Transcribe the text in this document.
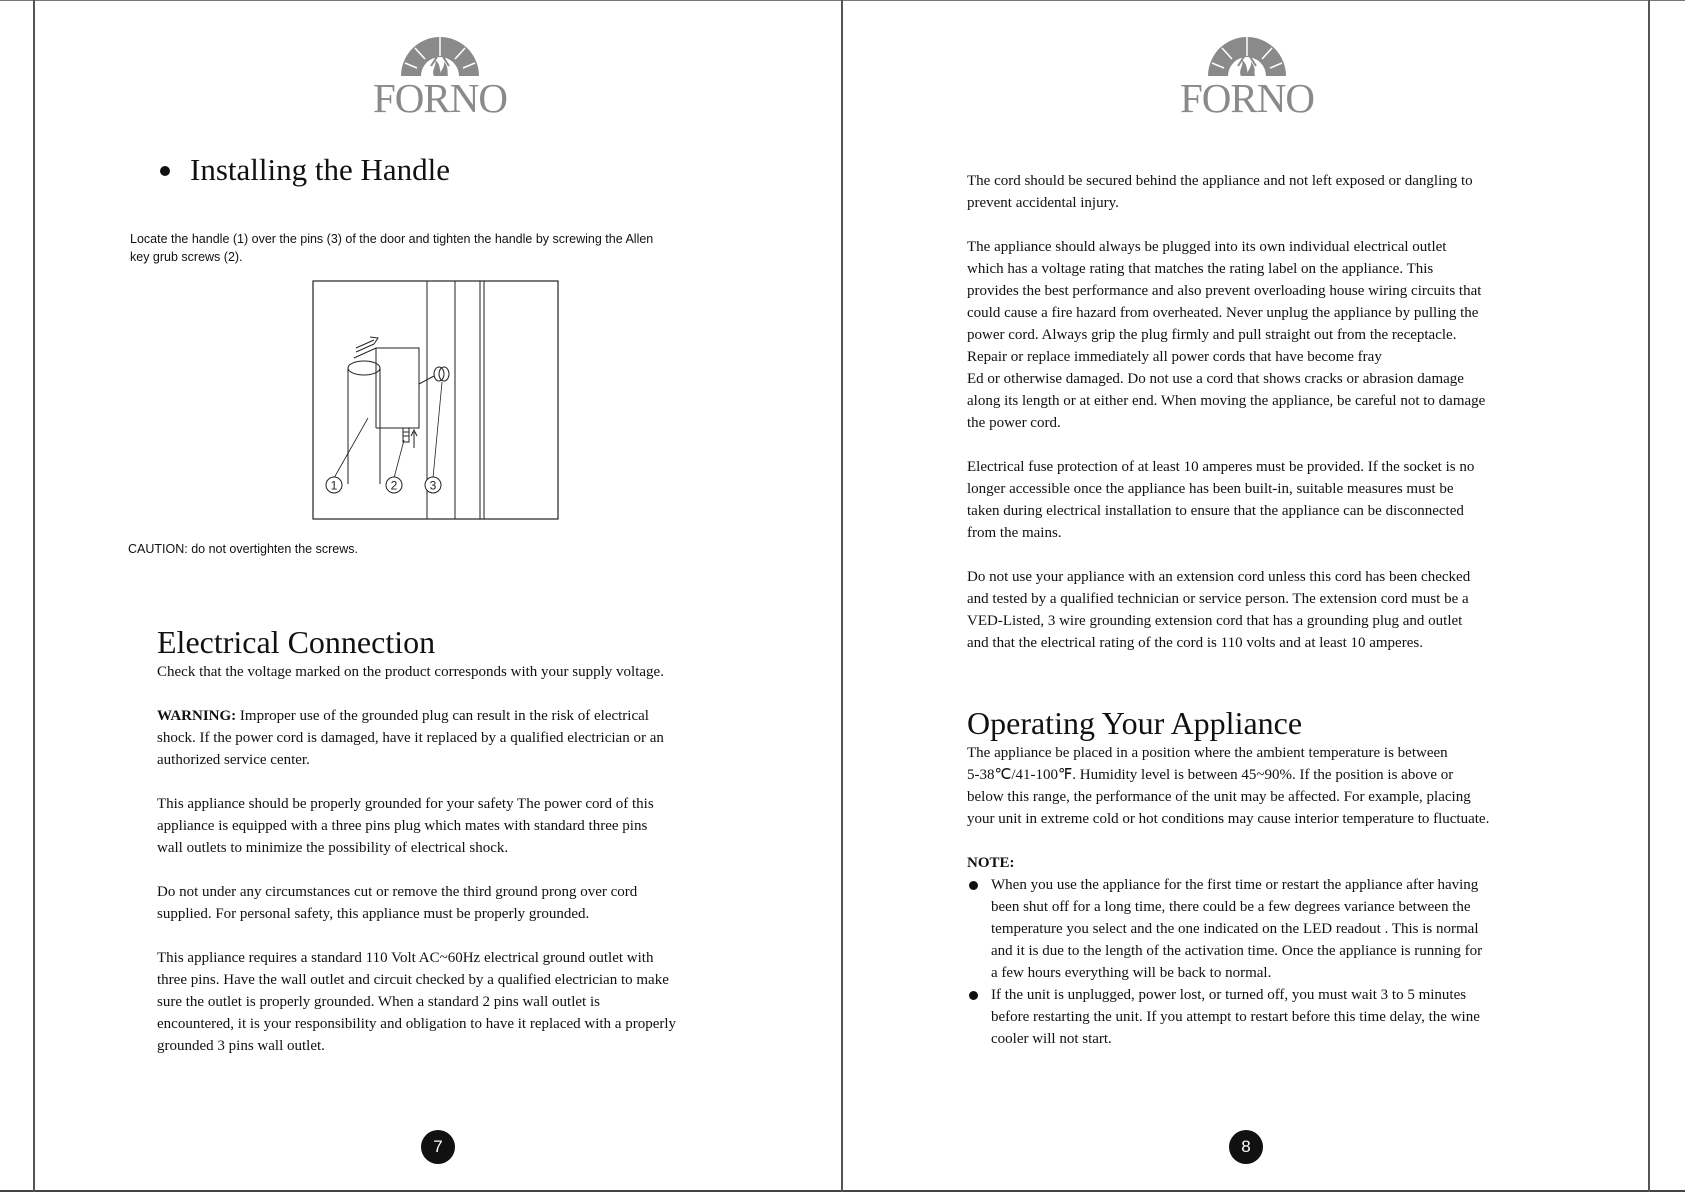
FORNO
Installing the Handle
Locate the handle (1) over the pins (3) of the door and tighten the handle by screwing the Allen
key grub screws (2).
1	2	3
CAUTION: do not overtighten the screws.
Electrical Connection
Check that the voltage marked on the product corresponds with your supply voltage.
WARNING: Improper use of the grounded plug can result in the risk of electrical
shock. If the power cord is damaged, have it replaced by a qualified electrician or an
authorized service center.
This appliance should be properly grounded for your safety The power cord of this
appliance is equipped with a three pins plug which mates with standard three pins
wall outlets to minimize the possibility of electrical shock.
Do not under any circumstances cut or remove the third ground prong over cord
supplied. For personal safety, this appliance must be properly grounded.
This appliance requires a standard 110 Volt AC~60Hz electrical ground outlet with
three pins. Have the wall outlet and circuit checked by a qualified electrician to make
sure the outlet is properly grounded. When a standard 2 pins wall outlet is
encountered, it is your responsibility and obligation to have it replaced with a properly
grounded 3 pins wall outlet.
7
FORNO
The cord should be secured behind the appliance and not left exposed or dangling to
prevent accidental injury.
The appliance should always be plugged into its own individual electrical outlet
which has a voltage rating that matches the rating label on the appliance. This
provides the best performance and also prevent overloading house wiring circuits that
could cause a fire hazard from overheated. Never unplug the appliance by pulling the
power cord. Always grip the plug firmly and pull straight out from the receptacle.
Repair or replace immediately all power cords that have become fray
Ed or otherwise damaged. Do not use a cord that shows cracks or abrasion damage
along its length or at either end. When moving the appliance, be careful not to damage
the power cord.
Electrical fuse protection of at least 10 amperes must be provided. If the socket is no
longer accessible once the appliance has been built-in, suitable measures must be
taken during electrical installation to ensure that the appliance can be disconnected
from the mains.
Do not use your appliance with an extension cord unless this cord has been checked
and tested by a qualified technician or service person. The extension cord must be a
VED-Listed, 3 wire grounding extension cord that has a grounding plug and outlet
and that the electrical rating of the cord is 110 volts and at least 10 amperes.
Operating Your Appliance
The appliance be placed in a position where the ambient temperature is between
5-38℃/41-100℉. Humidity level is between 45~90%. If the position is above or
below this range, the performance of the unit may be affected. For example, placing
your unit in extreme cold or hot conditions may cause interior temperature to fluctuate.
NOTE:
When you use the appliance for the first time or restart the appliance after having
been shut off for a long time, there could be a few degrees variance between the
temperature you select and the one indicated on the LED readout . This is normal
and it is due to the length of the activation time. Once the appliance is running for
a few hours everything will be back to normal.
If the unit is unplugged, power lost, or turned off, you must wait 3 to 5 minutes
before restarting the unit. If you attempt to restart before this time delay, the wine
cooler will not start.
8
